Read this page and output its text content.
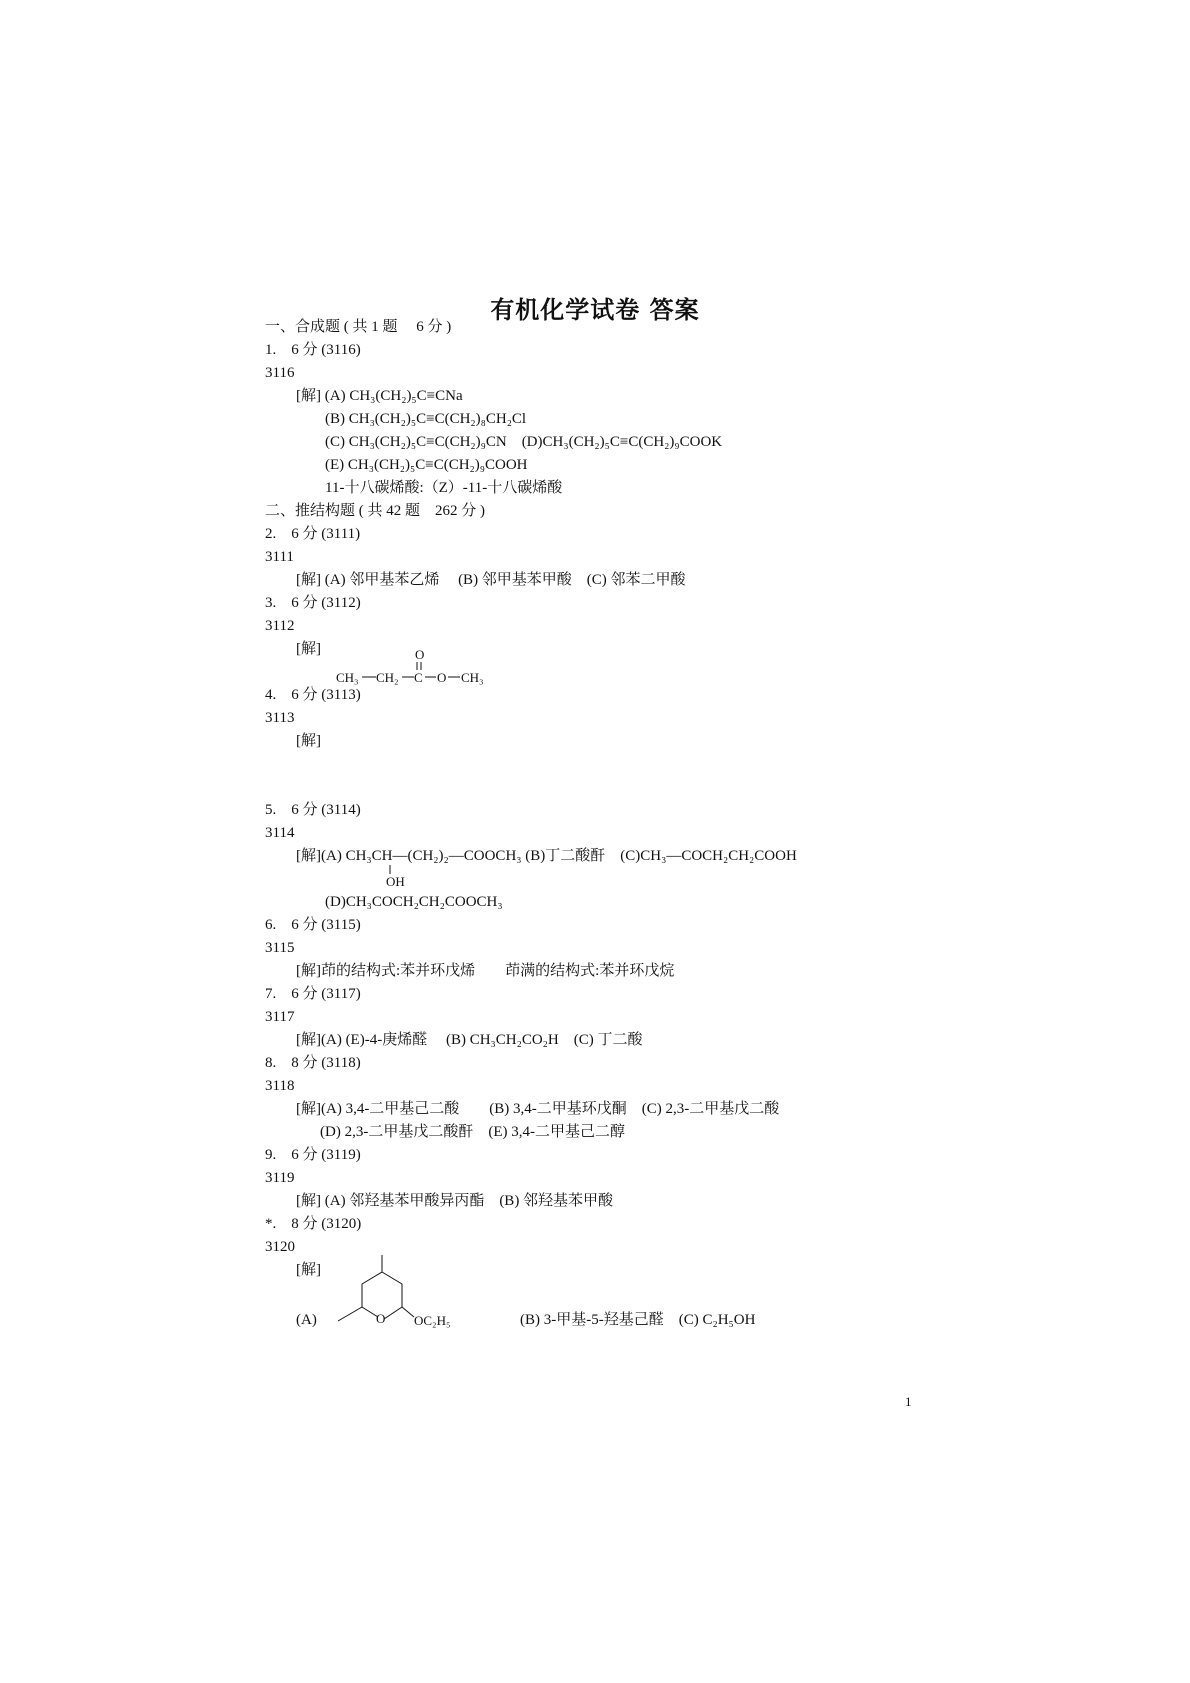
有机化学试卷 答案
一、合成题 ( 共 1 题　 6 分 )
1.　6 分 (3116)
3116
[解] (A) CH₃(CH₂)₅C≡CNa
(B) CH₃(CH₂)₅C≡C(CH₂)₈CH₂Cl
(C) CH₃(CH₂)₅C≡C(CH₂)₉CN　(D)CH₃(CH₂)₅C≡C(CH₂)₉COOK
(E) CH₃(CH₂)₅C≡C(CH₂)₉COOH
11-十八碳烯酸:（Z）-11-十八碳烯酸
二、推结构题 ( 共 42 题　262 分 )
2.　6 分 (3111)
3111
[解] (A) 邻甲基苯乙烯　 (B) 邻甲基苯甲酸　(C) 邻苯二甲酸
3.　6 分 (3112)
3112
[解]	O
CH₃ CH₂ C O CH₃
4.　6 分 (3113)
3113
[解]
5.　6 分 (3114)
3114
[解](A) CH₃CH—(CH₂)₂—COOCH₃ (B)丁二酸酐　(C)CH₃—COCH₂CH₂COOH
OH
(D)CH₃COCH₂CH₂COOCH₃
6.　6 分 (3115)
3115
[解]茚的结构式:苯并环戊烯　　茚满的结构式:苯并环戊烷
7.　6 分 (3117)
3117
[解](A) (E)-4-庚烯醛　 (B) CH₃CH₂CO₂H　(C) 丁二酸
8.　8 分 (3118)
3118
[解](A) 3,4-二甲基己二酸　　(B) 3,4-二甲基环戊酮　(C) 2,3-二甲基戊二酸
(D) 2,3-二甲基戊二酸酐　(E) 3,4-二甲基己二醇
9.　6 分 (3119)
3119
[解] (A) 邻羟基苯甲酸异丙酯　(B) 邻羟基苯甲酸
*.　8 分 (3120)
3120
[解]
(A)	O OC₂H₅	(B) 3-甲基-5-羟基己醛　(C) C₂H₅OH
1
